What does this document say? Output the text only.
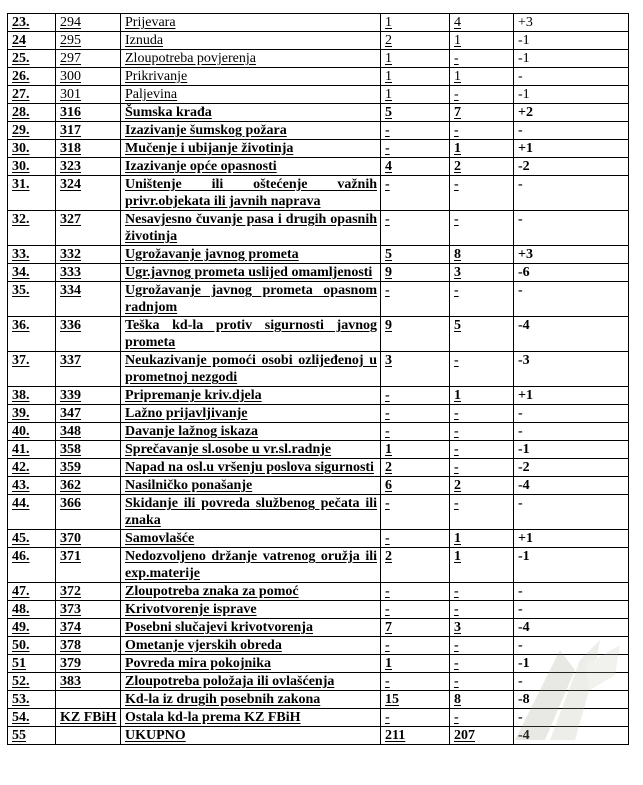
23.	294	Prijevara	1	4	+3
24	295	Iznuda	2	1	-1
25.	297	Zloupotreba povjerenja	1	-	-1
26.	300	Prikrivanje	1	1	-
27.	301	Paljevina	1	-	-1
28.	316	Šumska krađa	5	7	+2
29.	317	Izazivanje šumskog požara	-	-	-
30.	318	Mučenje i ubijanje životinja	-	1	+1
30.	323	Izazivanje opće opasnosti	4	2	-2
31.	324	Uništenje ili oštećenje važnih privr.objekata ili javnih naprava	-	-	-
32.	327	Nesavjesno čuvanje pasa i drugih opasnih životinja	-	-	-
33.	332	Ugrožavanje javnog prometa	5	8	+3
34.	333	Ugr.javnog prometa uslijed omamljenosti	9	3	-6
35.	334	Ugrožavanje javnog prometa opasnom radnjom	-	-	-
36.	336	Teška kd-la protiv sigurnosti javnog prometa	9	5	-4
37.	337	Neukazivanje pomoći osobi ozlijeđenoj u prometnoj nezgodi	3	-	-3
38.	339	Pripremanje kriv.djela	-	1	+1
39.	347	Lažno prijavljivanje	-	-	-
40.	348	Davanje lažnog iskaza	-	-	-
41.	358	Sprečavanje sl.osobe u vr.sl.radnje	1	-	-1
42.	359	Napad na osl.u vršenju poslova sigurnosti	2	-	-2
43.	362	Nasilničko ponašanje	6	2	-4
44.	366	Skidanje ili povreda službenog pečata ili znaka	-	-	-
45.	370	Samovlašće	-	1	+1
46.	371	Nedozvoljeno držanje vatrenog oružja ili exp.materije	2	1	-1
47.	372	Zloupotreba znaka za pomoć	-	-	-
48.	373	Krivotvorenje isprave	-	-	-
49.	374	Posebni slučajevi krivotvorenja	7	3	-4
50.	378	Ometanje vjerskih obreda	-	-	-
51	379	Povreda mira pokojnika	1	-	-1
52.	383	Zloupotreba položaja ili ovlašćenja	-	-	-
53.		Kd-la iz drugih posebnih zakona	15	8	-8
54.	KZ FBiH	Ostala kd-la prema KZ FBiH	-	-	-
55		UKUPNO	211	207	-4
